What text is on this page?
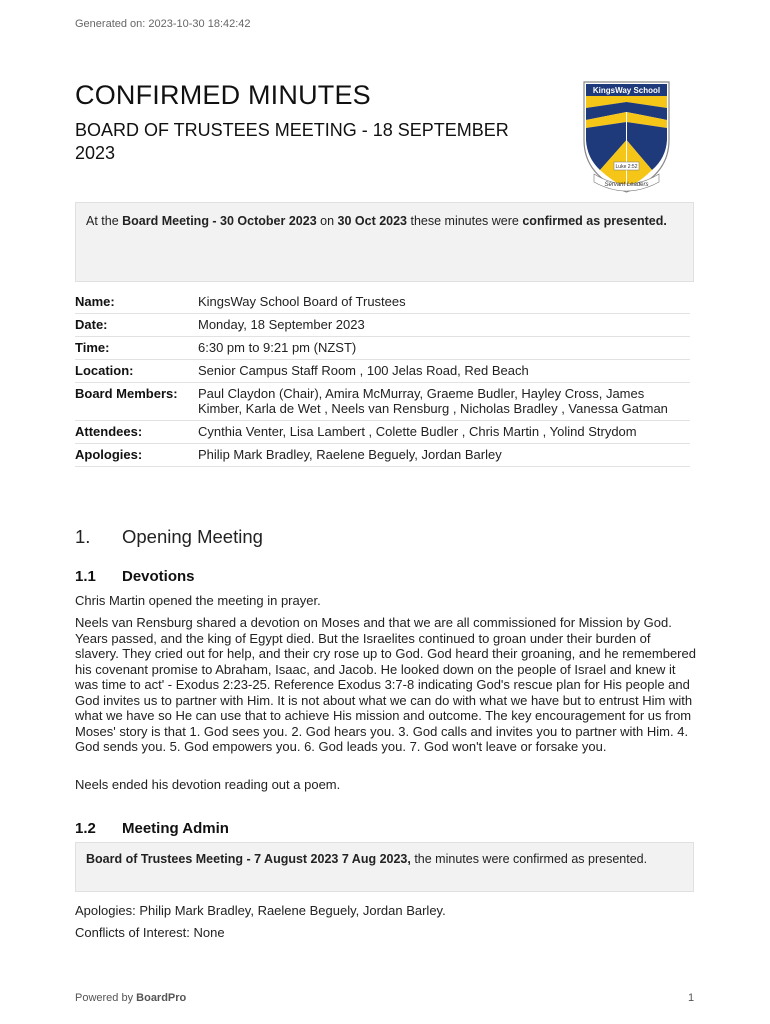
Generated on: 2023-10-30 18:42:42
CONFIRMED MINUTES
BOARD OF TRUSTEES MEETING - 18 SEPTEMBER 2023
KingsWay School
Luke 2:52
Servant Leaders
At the Board Meeting - 30 October 2023 on 30 Oct 2023 these minutes were confirmed as presented.
Name:	KingsWay School Board of Trustees
Date:	Monday, 18 September 2023
Time:	6:30 pm to 9:21 pm (NZST)
Location:	Senior Campus Staff Room , 100 Jelas Road, Red Beach
Board Members:	Paul Claydon (Chair), Amira McMurray, Graeme Budler, Hayley Cross, James Kimber, Karla de Wet , Neels van Rensburg , Nicholas Bradley , Vanessa Gatman
Attendees:	Cynthia Venter, Lisa Lambert , Colette Budler , Chris Martin , Yolind Strydom
Apologies:	Philip Mark Bradley, Raelene Beguely, Jordan Barley
1. Opening Meeting
1.1 Devotions

Chris Martin opened the meeting in prayer.

Neels van Rensburg shared a devotion on Moses and that we are all commissioned for Mission by God. Years passed, and the king of Egypt died. But the Israelites continued to groan under their burden of slavery. They cried out for help, and their cry rose up to God. God heard their groaning, and he remembered his covenant promise to Abraham, Isaac, and Jacob. He looked down on the people of Israel and knew it was time to act' - Exodus 2:23-25. Reference Exodus 3:7-8 indicating God's rescue plan for His people and God invites us to partner with Him. It is not about what we can do with what we have but to entrust Him with what we have so He can use that to achieve His mission and outcome. The key encouragement for us from Moses' story is that 1. God sees you. 2. God hears you. 3. God calls and invites you to partner with Him. 4. God sends you. 5. God empowers you. 6. God leads you. 7. God won't leave or forsake you.

Neels ended his devotion reading out a poem.

1.2 Meeting Admin
Board of Trustees Meeting - 7 August 2023 7 Aug 2023, the minutes were confirmed as presented.

Apologies: Philip Mark Bradley, Raelene Beguely, Jordan Barley.

Conflicts of Interest: None

Powered by BoardPro	1
